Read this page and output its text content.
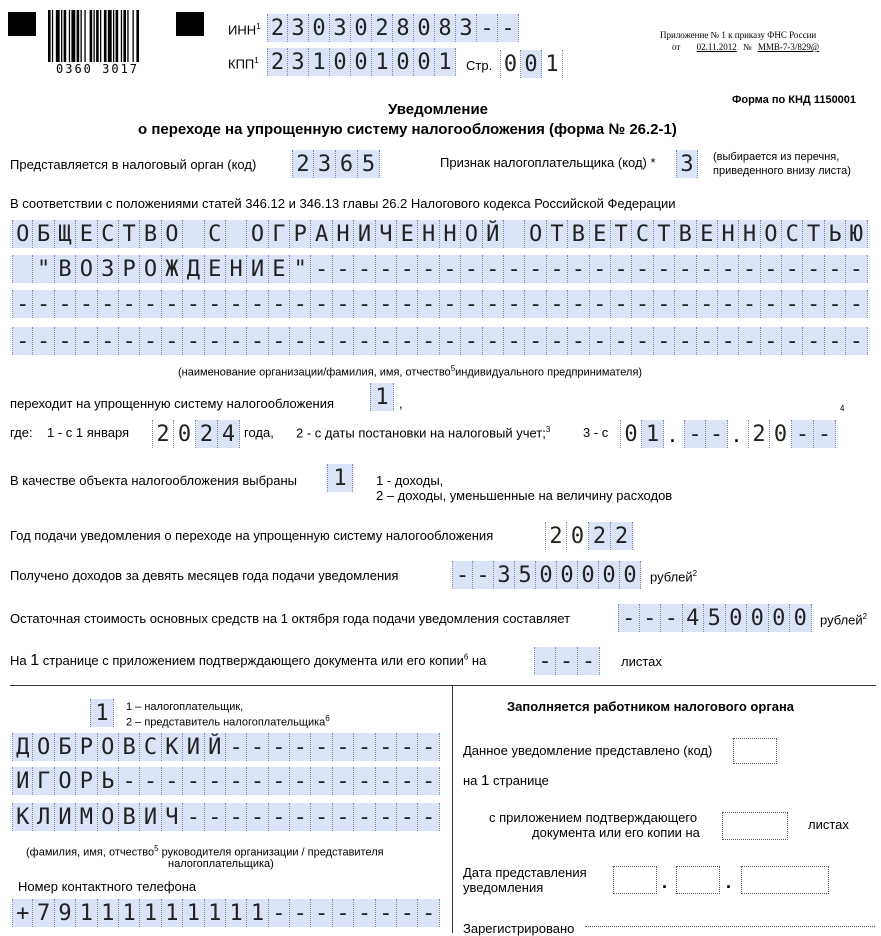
0360 3017
ИНН$^1$ 2 3 0 3 0 2 8 0 8 3 - -
КПП$^1$ 2 3 1 0 0 1 0 0 1	Стр. 0 0 1
Приложение № 1 к приказу ФНС России
от 02.11.2012 № ММВ-7-3/829@
Форма по КНД 1150001
Уведомление
о переходе на упрощенную систему налогообложения (форма № 26.2-1)
Представляется в налоговый орган (код) 2 3 6 5	Признак налогоплательщика (код) * 3	(выбирается из перечня,
приведенного внизу листа)
В соответствии с положениями статей 346.12 и 346.13 главы 26.2 Налогового кодекса Российской Федерации
О Б Щ Е С Т В О
С
О Г Р А Н И Ч Е Н Н О Й
О Т В Е Т С Т В Е Н Н О С Т Ь Ю

" В О З Р О Ж Д Е Н И Е " - - - - - - - - - - - - - - - - - - - - - - - - - -
- - - - - - - - - - - - - - - - - - - - - - - - - - - - - - - - - - - - - - - -
- - - - - - - - - - - - - - - - - - - - - - - - - - - - - - - - - - - - - - - -
(наименование организации/фамилия, имя, отчество$^5$индивидуального предпринимателя)
переходит на упрощенную систему налогообложения 1 ,
где: 1 - с 1 января 2 0 2 4 года, 2 - с даты постановки на налоговый учет;$^3$	3 - с 0 1 . - - . 2 0 - -
4
В качестве объекта налогообложения выбраны 1	1 - доходы,
2 – доходы, уменьшенные на величину расходов
Год подачи уведомления о переходе на упрощенную систему налогообложения	2 0 2 2
Получено доходов за девять месяцев года подачи уведомления	- - 3 5 0 0 0 0 0	рублей$^2$
Остаточная стоимость основных средств на 1 октября года подачи уведомления составляет - - - 4 5 0 0 0 0	рублей$^2$
На 1 странице с приложением подтверждающего документа или его копии$^6$ на - - -	листах
1	1 – налогоплательщик,
2 – представитель налогоплательщика$^6$
Д О Б Р О В С К И Й - - - - - - - - - -
И Г О Р Ь - - - - - - - - - - - - - - -
К Л И М О В И Ч - - - - - - - - - - - -
(фамилия, имя, отчество$^5$ руководителя организации / представителя
налогоплательщика)
Номер контактного телефона
+ 7 9 1 1 1 1 1 1 1 1 1 - - - - - - - -
Заполняется работником налогового органа
Данное уведомление представлено (код)
на 1 странице
с приложением подтверждающего
документа или его копии на
листах
Дата представления
уведомления	.	.
Зарегистрировано
